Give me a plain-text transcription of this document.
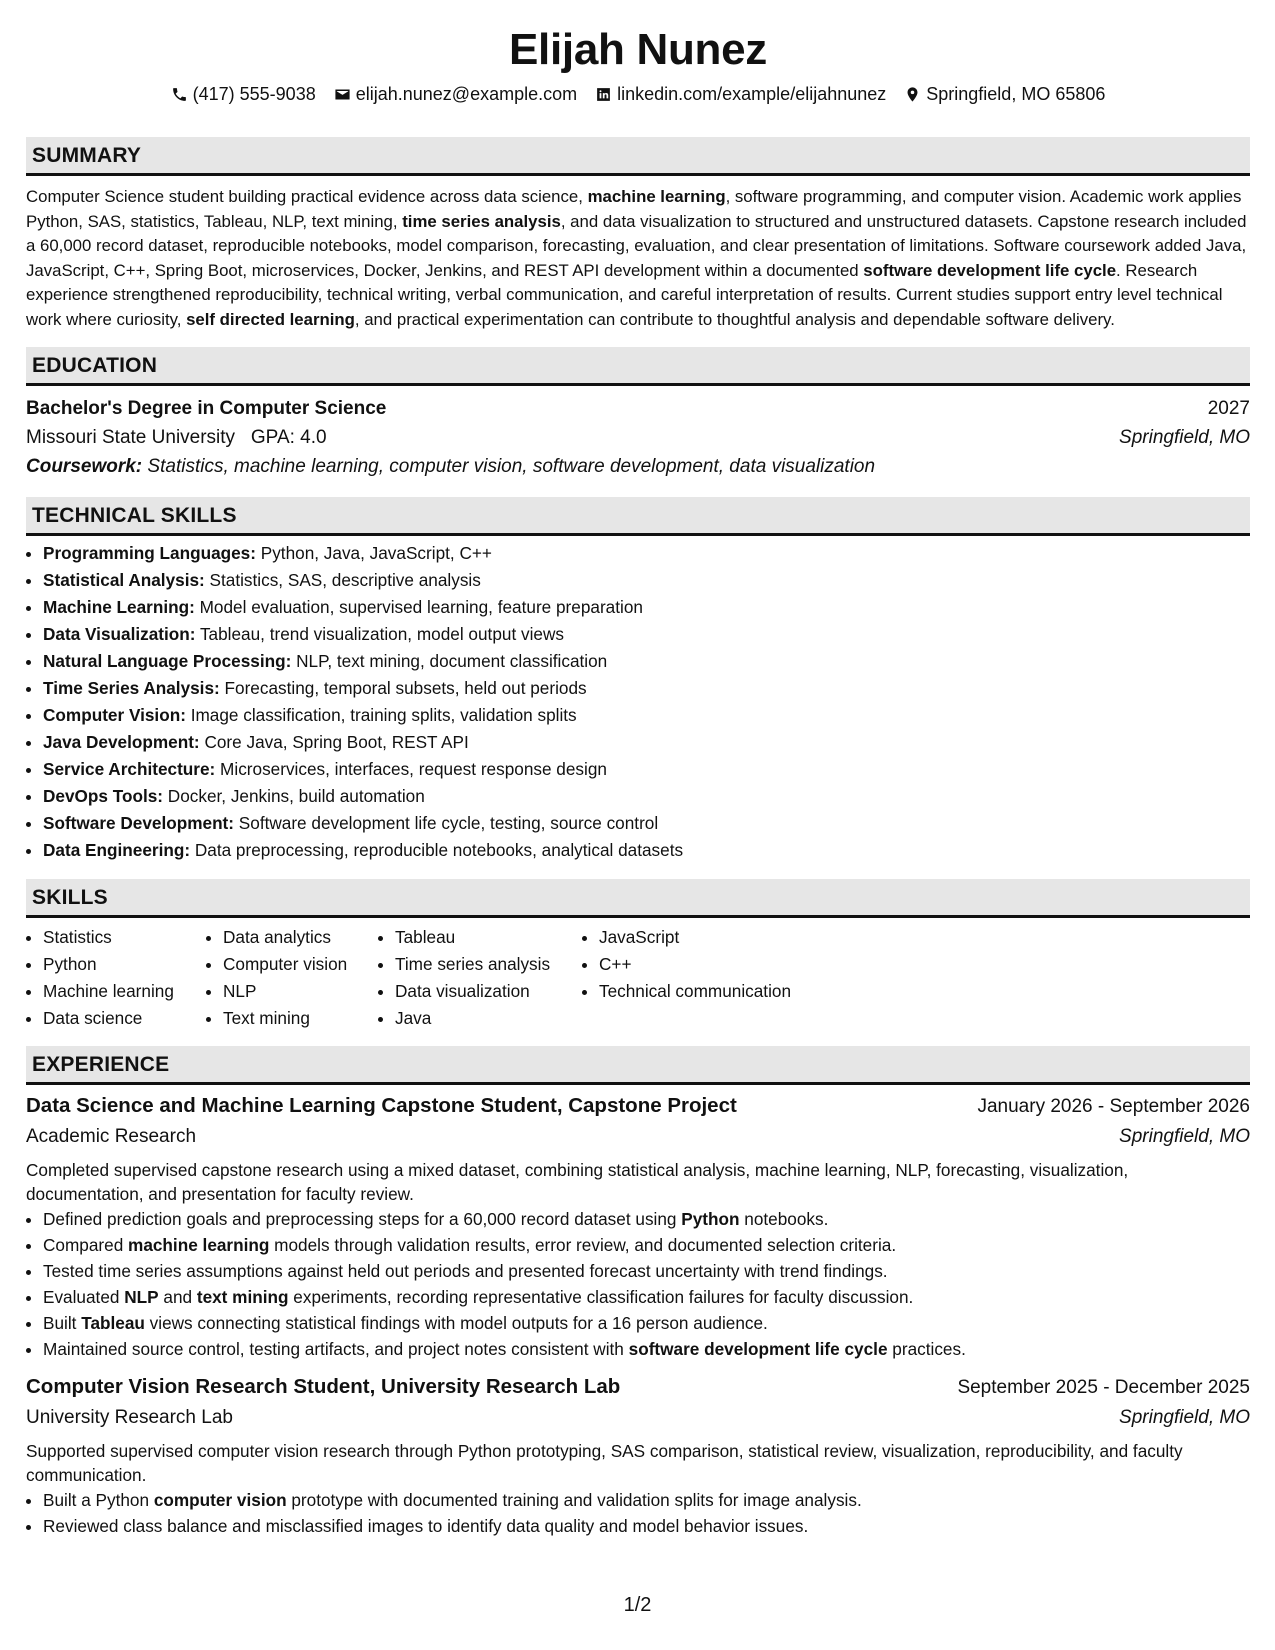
Elijah Nunez
(417) 555-9038 elijah.nunez@example.com linkedin.com/example/elijahnunez Springfield, MO 65806
SUMMARY
Computer Science student building practical evidence across data science, machine learning, software programming, and computer vision. Academic work applies Python, SAS, statistics, Tableau, NLP, text mining, time series analysis, and data visualization to structured and unstructured datasets. Capstone research included a 60,000 record dataset, reproducible notebooks, model comparison, forecasting, evaluation, and clear presentation of limitations. Software coursework added Java, JavaScript, C++, Spring Boot, microservices, Docker, Jenkins, and REST API development within a documented software development life cycle. Research experience strengthened reproducibility, technical writing, verbal communication, and careful interpretation of results. Current studies support entry level technical work where curiosity, self directed learning, and practical experimentation can contribute to thoughtful analysis and dependable software delivery.
EDUCATION
Bachelor's Degree in Computer Science	2027
Missouri State University GPA: 4.0	Springfield, MO
Coursework: Statistics, machine learning, computer vision, software development, data visualization
TECHNICAL SKILLS
• Programming Languages: Python, Java, JavaScript, C++
• Statistical Analysis: Statistics, SAS, descriptive analysis
• Machine Learning: Model evaluation, supervised learning, feature preparation
• Data Visualization: Tableau, trend visualization, model output views
• Natural Language Processing: NLP, text mining, document classification
• Time Series Analysis: Forecasting, temporal subsets, held out periods
• Computer Vision: Image classification, training splits, validation splits
• Java Development: Core Java, Spring Boot, REST API
• Service Architecture: Microservices, interfaces, request response design
• DevOps Tools: Docker, Jenkins, build automation
• Software Development: Software development life cycle, testing, source control
• Data Engineering: Data preprocessing, reproducible notebooks, analytical datasets
SKILLS
• Statistics
• Python
• Machine learning
• Data science
• Data analytics
• Computer vision
• NLP
• Text mining
• Tableau
• Time series analysis
• Data visualization
• Java
• JavaScript
• C++
• Technical communication
EXPERIENCE
Data Science and Machine Learning Capstone Student, Capstone Project	January 2026 - September 2026
Academic Research	Springfield, MO
Completed supervised capstone research using a mixed dataset, combining statistical analysis, machine learning, NLP, forecasting, visualization, documentation, and presentation for faculty review.
• Defined prediction goals and preprocessing steps for a 60,000 record dataset using Python notebooks.
• Compared machine learning models through validation results, error review, and documented selection criteria.
• Tested time series assumptions against held out periods and presented forecast uncertainty with trend findings.
• Evaluated NLP and text mining experiments, recording representative classification failures for faculty discussion.
• Built Tableau views connecting statistical findings with model outputs for a 16 person audience.
• Maintained source control, testing artifacts, and project notes consistent with software development life cycle practices.
Computer Vision Research Student, University Research Lab	September 2025 - December 2025
University Research Lab	Springfield, MO
Supported supervised computer vision research through Python prototyping, SAS comparison, statistical review, visualization, reproducibility, and faculty communication.
• Built a Python computer vision prototype with documented training and validation splits for image analysis.
• Reviewed class balance and misclassified images to identify data quality and model behavior issues.
1/2
